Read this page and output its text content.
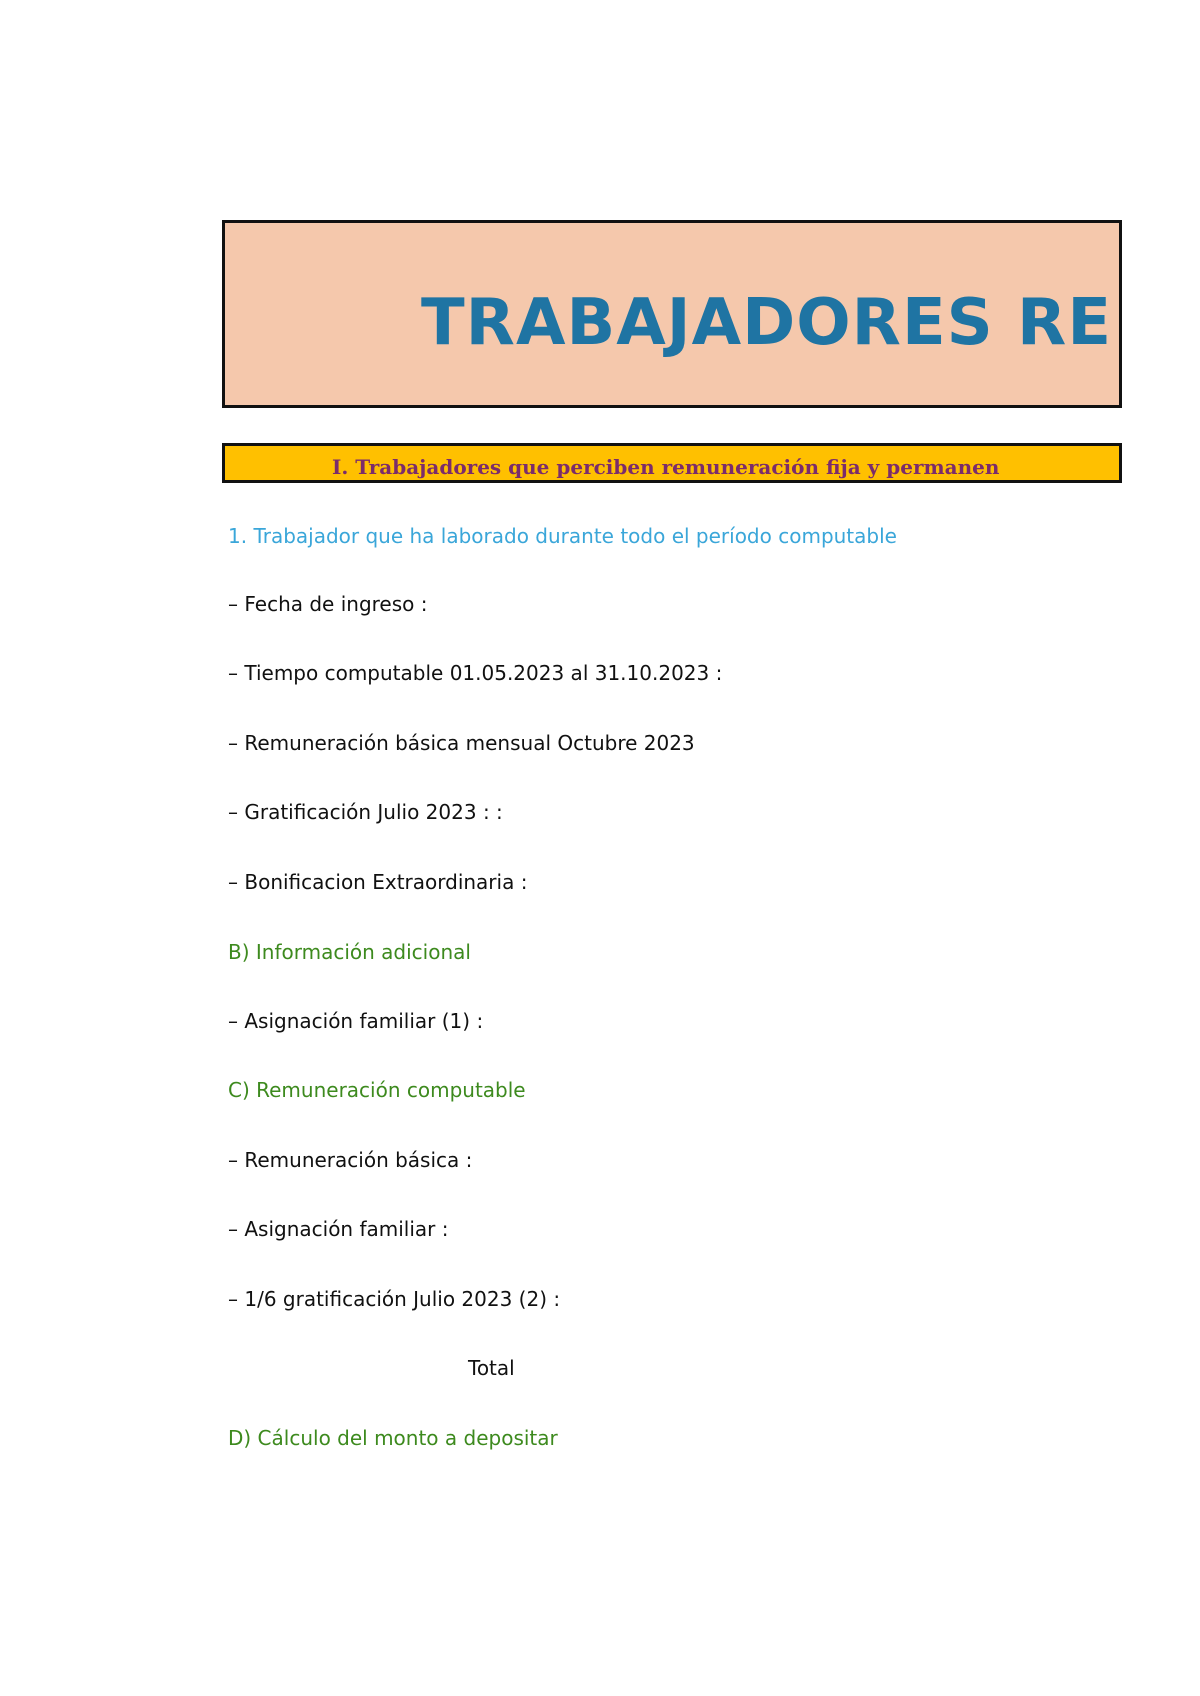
TRABAJADORES RE
I. Trabajadores que perciben remuneración fija y permanen
1. Trabajador que ha laborado durante todo el período computable
– Fecha de ingreso :
– Tiempo computable 01.05.2023 al 31.10.2023 :
– Remuneración básica mensual Octubre 2023
– Gratificación Julio 2023 : :
– Bonificacion Extraordinaria :
B) Información adicional
– Asignación familiar (1) :
C) Remuneración computable
– Remuneración básica :
– Asignación familiar :
– 1/6 gratificación Julio 2023 (2) :
Total
D) Cálculo del monto a depositar
